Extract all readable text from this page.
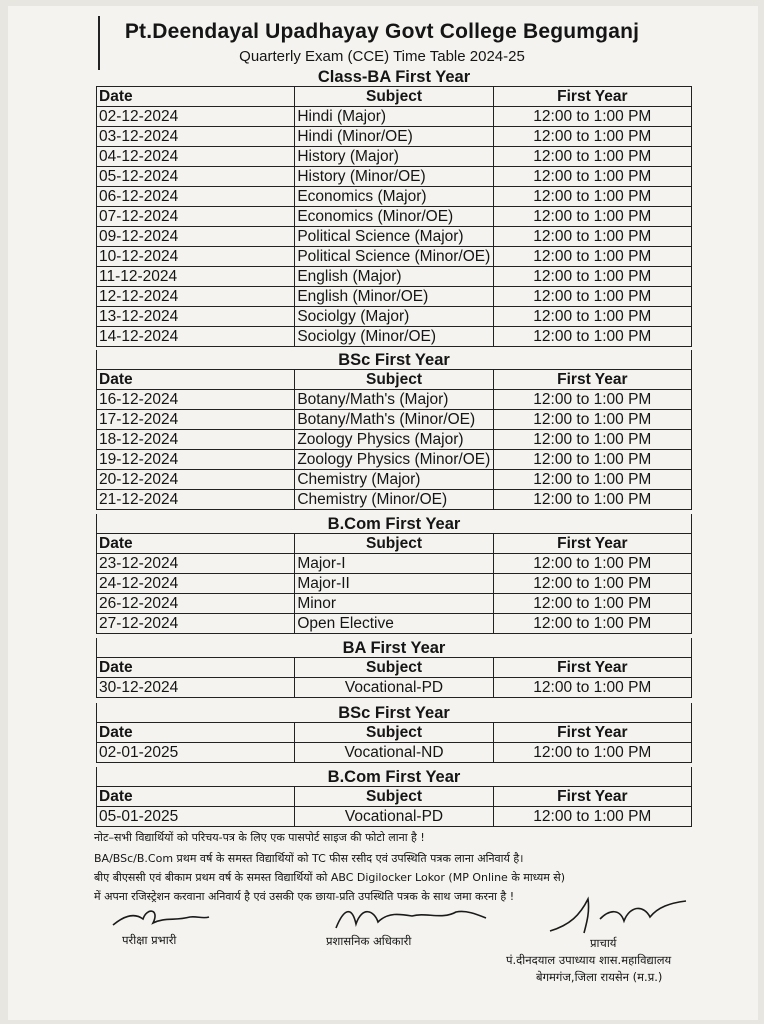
Pt.Deendayal Upadhayay Govt College Begumganj
Quarterly Exam (CCE) Time Table 2024-25
Class-BA First Year		
Date	Subject	First Year
02-12-2024	Hindi (Major)	12:00 to 1:00 PM
03-12-2024	Hindi (Minor/OE)	12:00 to 1:00 PM
04-12-2024	History (Major)	12:00 to 1:00 PM
05-12-2024	History (Minor/OE)	12:00 to 1:00 PM
06-12-2024	Economics (Major)	12:00 to 1:00 PM
07-12-2024	Economics (Minor/OE)	12:00 to 1:00 PM
09-12-2024	Political Science (Major)	12:00 to 1:00 PM
10-12-2024	Political Science (Minor/OE)	12:00 to 1:00 PM
11-12-2024	English (Major)	12:00 to 1:00 PM
12-12-2024	English (Minor/OE)	12:00 to 1:00 PM
13-12-2024	Sociolgy (Major)	12:00 to 1:00 PM
14-12-2024	Sociolgy (Minor/OE)	12:00 to 1:00 PM
BSc First Year		
Date	Subject	First Year
16-12-2024	Botany/Math's (Major)	12:00 to 1:00 PM
17-12-2024	Botany/Math's (Minor/OE)	12:00 to 1:00 PM
18-12-2024	Zoology Physics (Major)	12:00 to 1:00 PM
19-12-2024	Zoology Physics (Minor/OE)	12:00 to 1:00 PM
20-12-2024	Chemistry (Major)	12:00 to 1:00 PM
21-12-2024	Chemistry (Minor/OE)	12:00 to 1:00 PM
B.Com First Year		
Date	Subject	First Year
23-12-2024	Major-I	12:00 to 1:00 PM
24-12-2024	Major-II	12:00 to 1:00 PM
26-12-2024	Minor	12:00 to 1:00 PM
27-12-2024	Open Elective	12:00 to 1:00 PM
BA First Year		
Date	Subject	First Year
30-12-2024	Vocational-PD	12:00 to 1:00 PM
BSc First Year		
Date	Subject	First Year
02-01-2025	Vocational-ND	12:00 to 1:00 PM
B.Com First Year		
Date	Subject	First Year
05-01-2025	Vocational-PD	12:00 to 1:00 PM
नोट–सभी विद्यार्थियों को परिचय-पत्र के लिए एक पासपोर्ट साइज की फोटो लाना है !
BA/BSc/B.Com प्रथम वर्ष के समस्त विद्यार्थियों को TC फीस रसीद एवं उपस्थिति पत्रक लाना अनिवार्य है।
बीए बीएससी एवं बीकाम प्रथम वर्ष के समस्त विद्यार्थियों को ABC Digilocker Lokor (MP Online के माध्यम से)
में अपना रजिस्ट्रेशन करवाना अनिवार्य है एवं उसकी एक छाया-प्रति उपस्थिति पत्रक के साथ जमा करना है !
परीक्षा प्रभारी	प्रशासनिक अधिकारी	प्राचार्य
पं.दीनदयाल उपाध्याय शास.महाविद्यालय
बेगमगंज,जिला रायसेन (म.प्र.)
